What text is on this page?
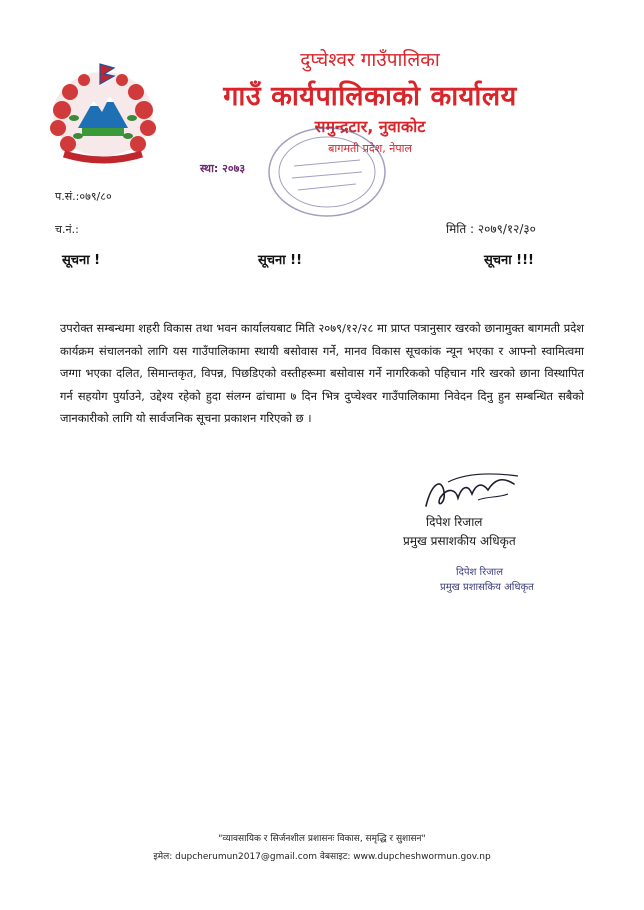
दुप्चेश्वर गाउँपालिका
गाउँ कार्यपालिकाको कार्यालय
समुन्द्रटार, नुवाकोट
बागमती प्रदेश, नेपाल
स्था: २०७३
प.सं.:०७९/८०
च.नं.:	मिति : २०७९/१२/३०
सूचना !	सूचना !!	सूचना !!!
उपरोक्त सम्बन्धमा शहरी विकास तथा भवन कार्यालयबाट मिति २०७९/१२/२८ मा प्राप्त पत्रानुसार खरको छानामुक्त बागमती प्रदेश कार्यक्रम संचालनको लागि यस गाउँपालिकामा स्थायी बसोवास गर्ने, मानव विकास सूचकांक न्यून भएका र आफ्नो स्वामित्वमा जग्गा भएका दलित, सिमान्तकृत, विपन्न, पिछडिएको वस्तीहरूमा बसोवास गर्ने नागरिकको पहिचान गरि खरको छाना विस्थापित गर्न सहयोग पुर्याउने, उद्देश्य रहेको हुदा संलग्न ढांचामा ७ दिन भित्र दुप्चेश्वर गाउँपालिकामा निवेदन दिनु हुन सम्बन्धित सबैको जानकारीको लागि यो सार्वजनिक सूचना प्रकाशन गरिएको छ ।
दिपेश रिजाल
प्रमुख प्रसाशकीय अधिकृत
दिपेश रिजाल
प्रमुख प्रशासकिय अधिकृत
"व्यावसायिक र सिर्जनशील प्रशासनः विकास, समृद्धि र सुशासन"
इमेल: dupcherumun2017@gmail.com वेबसाइट: www.dupcheshwormun.gov.np
